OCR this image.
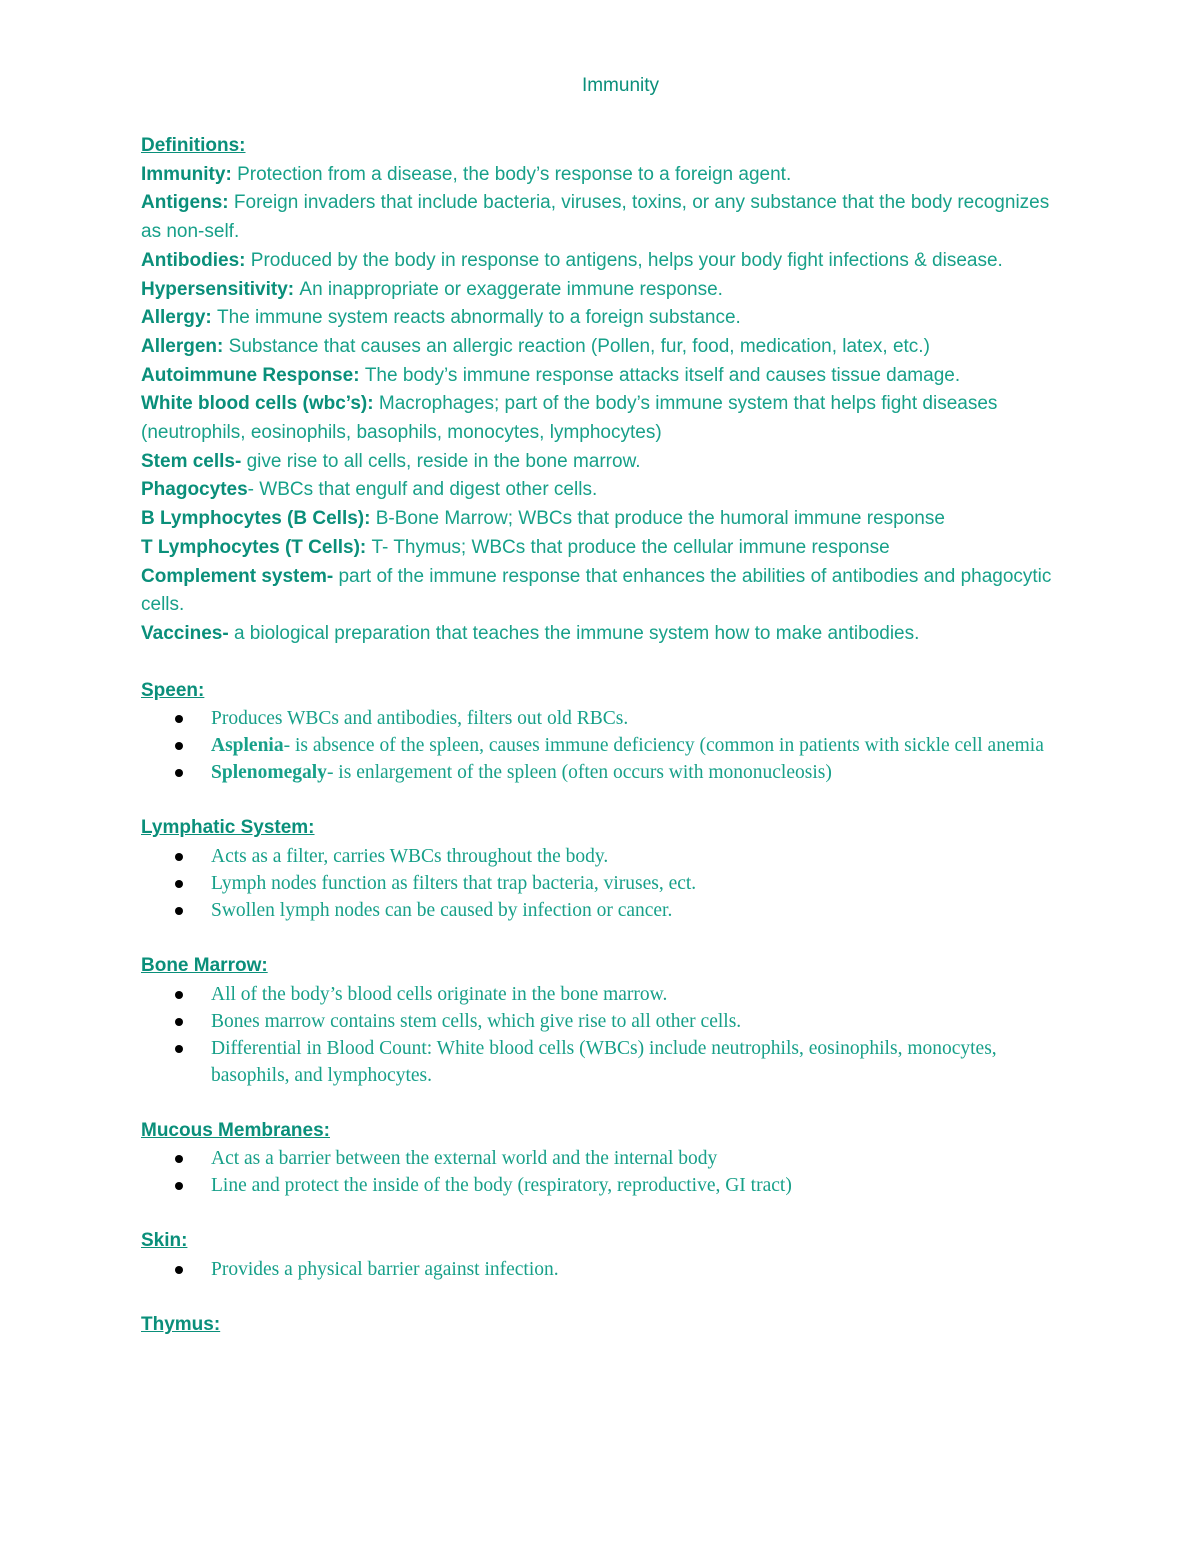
Immunity

Definitions:

Immunity: Protection from a disease, the body’s response to a foreign agent.

Antigens: Foreign invaders that include bacteria, viruses, toxins, or any substance that the body recognizes as non-self.

Antibodies: Produced by the body in response to antigens, helps your body fight infections & disease.

Hypersensitivity: An inappropriate or exaggerate immune response.

Allergy: The immune system reacts abnormally to a foreign substance.

Allergen: Substance that causes an allergic reaction (Pollen, fur, food, medication, latex, etc.)

Autoimmune Response: The body’s immune response attacks itself and causes tissue damage.

White blood cells (wbc’s): Macrophages; part of the body’s immune system that helps fight diseases (neutrophils, eosinophils, basophils, monocytes, lymphocytes)

Stem cells- give rise to all cells, reside in the bone marrow.

Phagocytes- WBCs that engulf and digest other cells.

B Lymphocytes (B Cells): B-Bone Marrow; WBCs that produce the humoral immune response

T Lymphocytes (T Cells): T- Thymus; WBCs that produce the cellular immune response

Complement system- part of the immune response that enhances the abilities of antibodies and phagocytic cells.

Vaccines- a biological preparation that teaches the immune system how to make antibodies.

Speen:

Produces WBCs and antibodies, filters out old RBCs.
Asplenia- is absence of the spleen, causes immune deficiency (common in patients with sickle cell anemia
Splenomegaly- is enlargement of the spleen (often occurs with mononucleosis)

Lymphatic System:

Acts as a filter, carries WBCs throughout the body.
Lymph nodes function as filters that trap bacteria, viruses, ect.
Swollen lymph nodes can be caused by infection or cancer.

Bone Marrow:

All of the body’s blood cells originate in the bone marrow.
Bones marrow contains stem cells, which give rise to all other cells.
Differential in Blood Count: White blood cells (WBCs) include neutrophils, eosinophils, monocytes, basophils, and lymphocytes.

Mucous Membranes:

Act as a barrier between the external world and the internal body
Line and protect the inside of the body (respiratory, reproductive, GI tract)

Skin:

Provides a physical barrier against infection.

Thymus:
